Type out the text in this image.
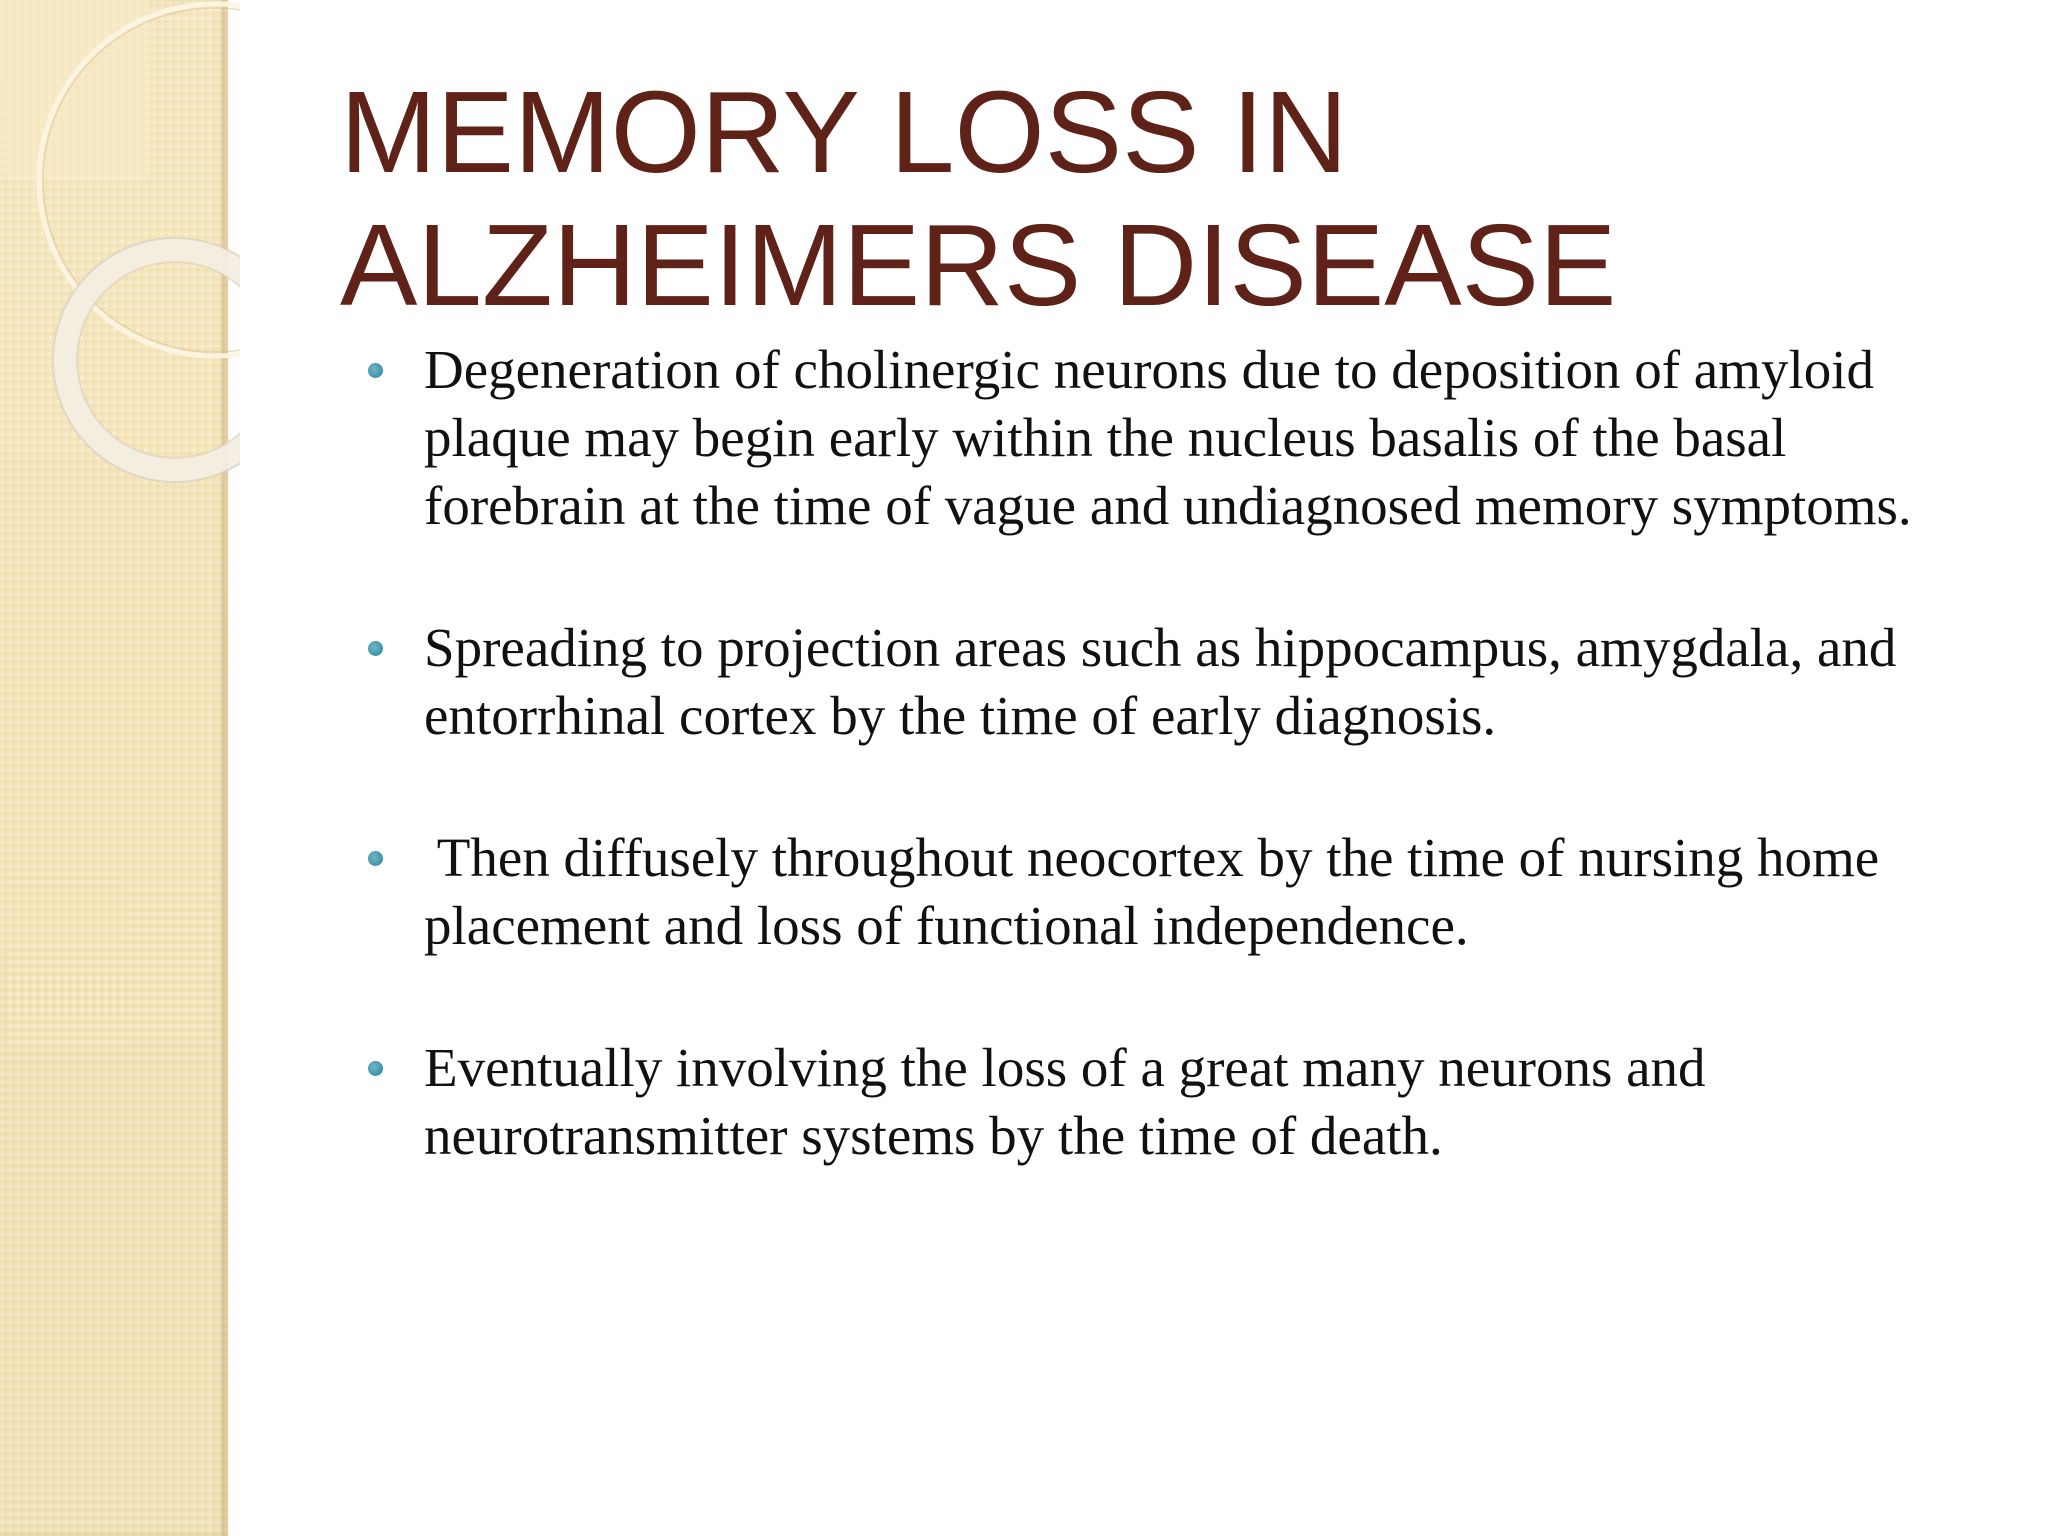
MEMORY LOSS IN
ALZHEIMERS DISEASE
Degeneration of cholinergic neurons due to deposition of amyloid
plaque may begin early within the nucleus basalis of the basal
forebrain at the time of vague and undiagnosed memory symptoms.
Spreading to projection areas such as hippocampus, amygdala, and
entorrhinal cortex by the time of early diagnosis.
Then diffusely throughout neocortex by the time of nursing home
placement and loss of functional independence.
Eventually involving the loss of a great many neurons and
neurotransmitter systems by the time of death.
